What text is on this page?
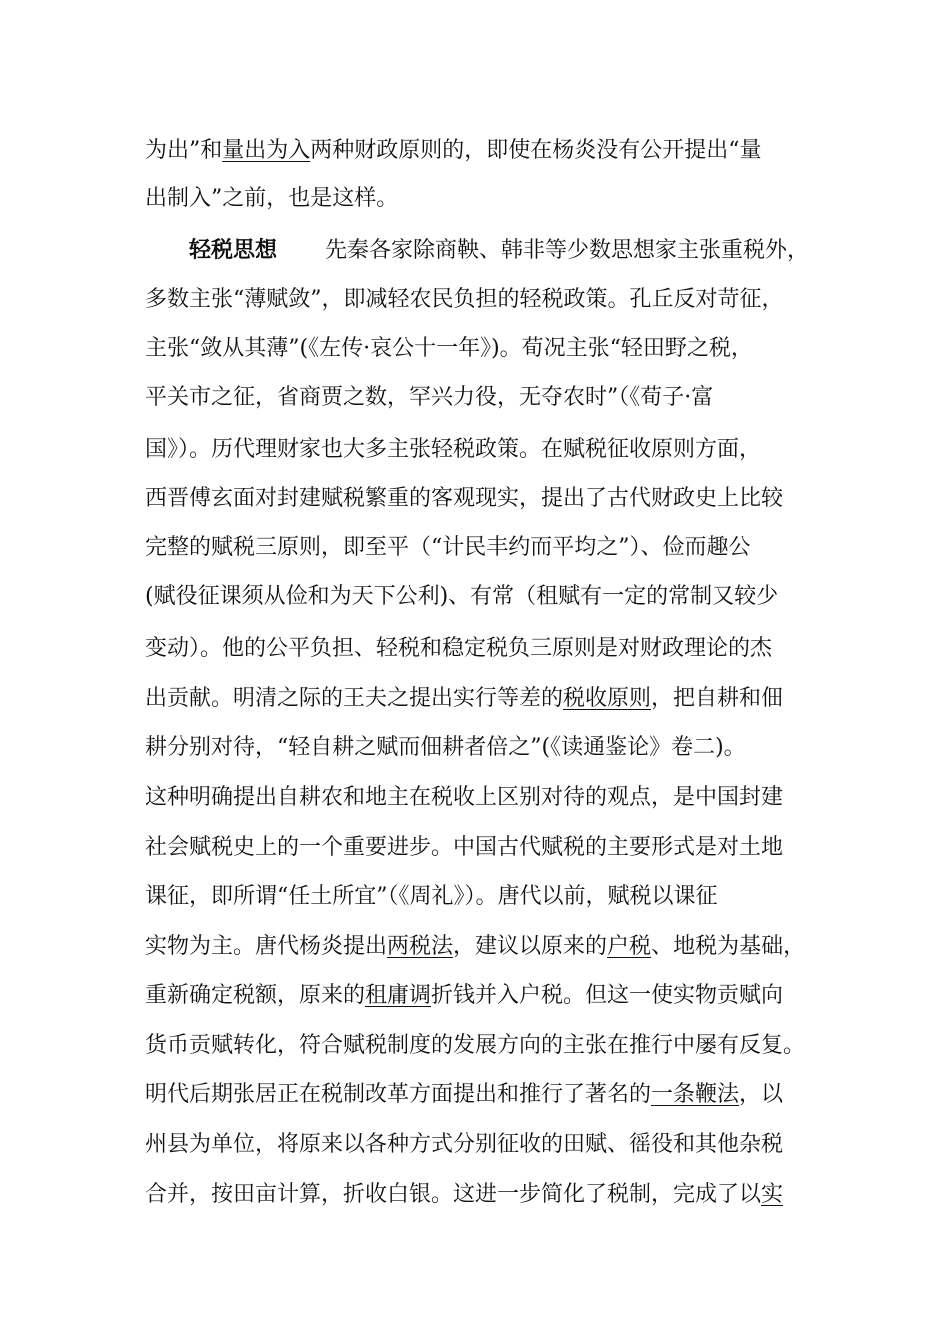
为出”和量出为入两种财政原则的，即使在杨炎没有公开提出“量
出制入”之前，也是这样。
轻税思想 先秦各家除商鞅、韩非等少数思想家主张重税外，
多数主张“薄赋敛”，即减轻农民负担的轻税政策。孔丘反对苛征，
主张“敛从其薄”(《左传·哀公十一年》)。荀况主张“轻田野之税，
平关市之征，省商贾之数，罕兴力役，无夺农时”（《荀子·富
国》）。历代理财家也大多主张轻税政策。在赋税征收原则方面，
西晋傅玄面对封建赋税繁重的客观现实，提出了古代财政史上比较
完整的赋税三原则，即至平（“计民丰约而平均之”）、俭而趣公
(赋役征课须从俭和为天下公利)、有常（租赋有一定的常制又较少
变动）。他的公平负担、轻税和稳定税负三原则是对财政理论的杰
出贡献。明清之际的王夫之提出实行等差的税收原则，把自耕和佃
耕分别对待，“轻自耕之赋而佃耕者倍之”(《读通鉴论》卷二)。
这种明确提出自耕农和地主在税收上区别对待的观点，是中国封建
社会赋税史上的一个重要进步。中国古代赋税的主要形式是对土地
课征，即所谓“任土所宜”（《周礼》）。唐代以前，赋税以课征
实物为主。唐代杨炎提出两税法，建议以原来的户税、地税为基础，
重新确定税额，原来的租庸调折钱并入户税。但这一使实物贡赋向
货币贡赋转化，符合赋税制度的发展方向的主张在推行中屡有反复。
明代后期张居正在税制改革方面提出和推行了著名的一条鞭法，以
州县为单位，将原来以各种方式分别征收的田赋、徭役和其他杂税
合并，按田亩计算，折收白银。这进一步简化了税制，完成了以实
